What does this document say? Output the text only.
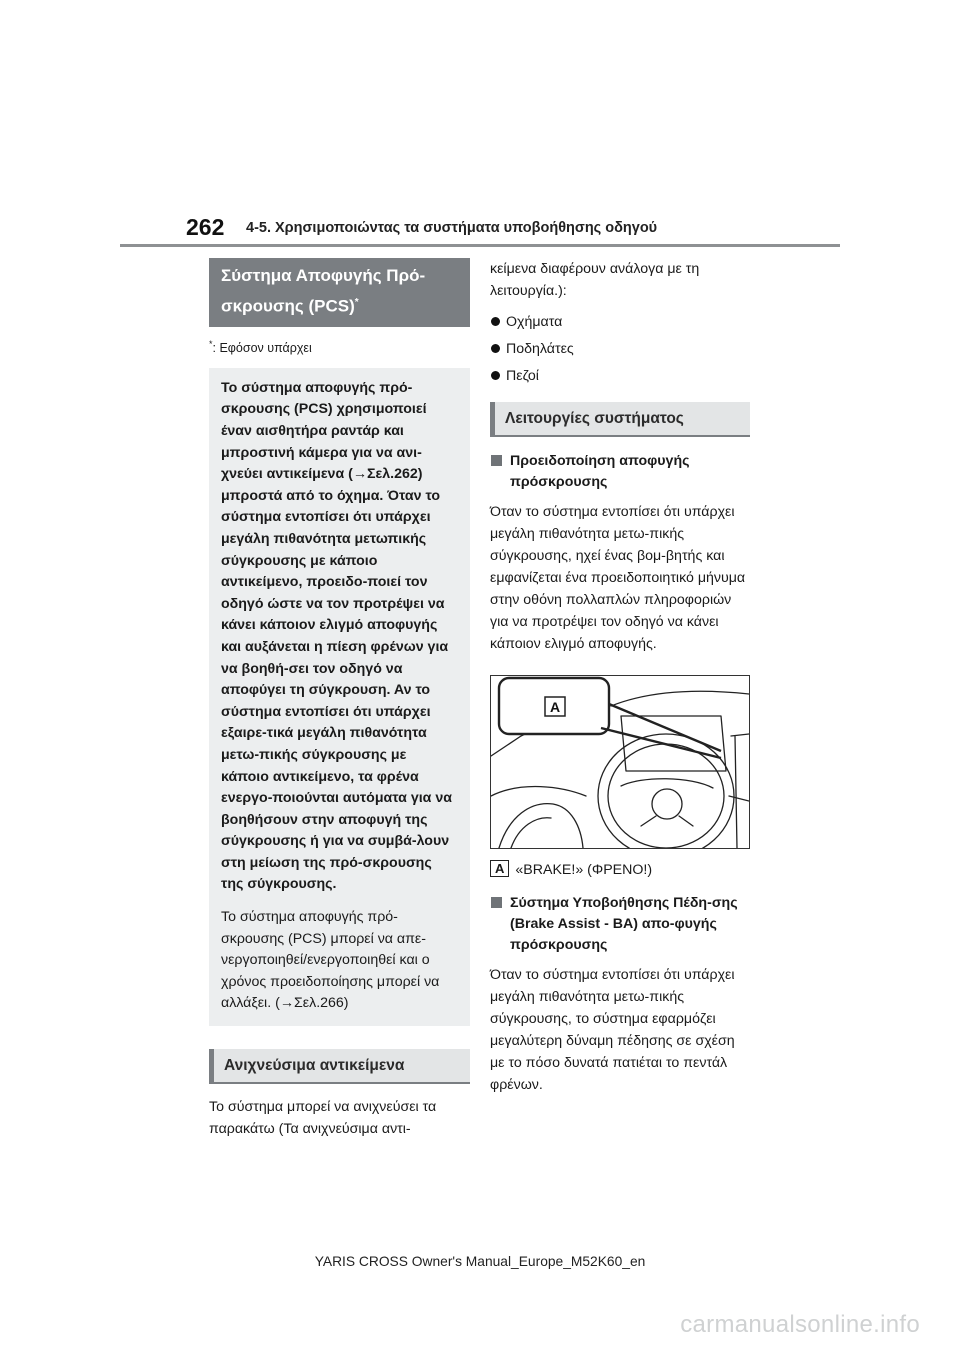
262 4-5. Χρησιμοποιώντας τα συστήματα υποβοήθησης οδηγού
Σύστημα Αποφυγής Πρό-
σκρουσης (PCS)*

*: Εφόσον υπάρχει

Το σύστημα αποφυγής πρό-σκρουσης (PCS) χρησιμοποιεί έναν αισθητήρα ραντάρ και μπροστινή κάμερα για να ανι-χνεύει αντικείμενα (→Σελ.262) μπροστά από το όχημα. Όταν το σύστημα εντοπίσει ότι υπάρχει μεγάλη πιθανότητα μετωπικής σύγκρουσης με κάποιο αντικείμενο, προειδο-ποιεί τον οδηγό ώστε να τον προτρέψει να κάνει κάποιον ελιγμό αποφυγής και αυξάνεται η πίεση φρένων για να βοηθή-σει τον οδηγό να αποφύγει τη σύγκρουση. Αν το σύστημα εντοπίσει ότι υπάρχει εξαιρε-τικά μεγάλη πιθανότητα μετω-πικής σύγκρουσης με κάποιο αντικείμενο, τα φρένα ενεργο-ποιούνται αυτόματα για να βοηθήσουν στην αποφυγή της σύγκρουσης ή για να συμβά-λουν στη μείωση της πρό-σκρουσης της σύγκρουσης.

Το σύστημα αποφυγής πρό-σκρουσης (PCS) μπορεί να απε-νεργοποιηθεί/ενεργοποιηθεί και ο χρόνος προειδοποίησης μπορεί να αλλάξει. (→Σελ.266)

Ανιχνεύσιμα αντικείμενα

Το σύστημα μπορεί να ανιχνεύσει τα παρακάτω (Τα ανιχνεύσιμα αντι-

κείμενα διαφέρουν ανάλογα με τη λειτουργία.):

Οχήματα
Ποδηλάτες
Πεζοί
Λειτουργίες συστήματος

Προειδοποίηση αποφυγής πρόσκρουσης

Όταν το σύστημα εντοπίσει ότι υπάρχει μεγάλη πιθανότητα μετω-πικής σύγκρουσης, ηχεί ένας βομ-βητής και εμφανίζεται ένα προειδοποιητικό μήνυμα στην οθόνη πολλαπλών πληροφοριών για να προτρέψει τον οδηγό να κάνει κάποιον ελιγμό αποφυγής.

A
A «BRAKE!» (ΦΡΕΝΟ!)

Σύστημα Υποβοήθησης Πέδη-σης (Brake Assist - BA) απο-φυγής πρόσκρουσης

Όταν το σύστημα εντοπίσει ότι υπάρχει μεγάλη πιθανότητα μετω-πικής σύγκρουσης, το σύστημα εφαρμόζει μεγαλύτερη δύναμη πέδησης σε σχέση με το πόσο δυνατά πατιέται το πεντάλ φρένων.

YARIS CROSS Owner's Manual_Europe_M52K60_en
carmanualsonline.info
